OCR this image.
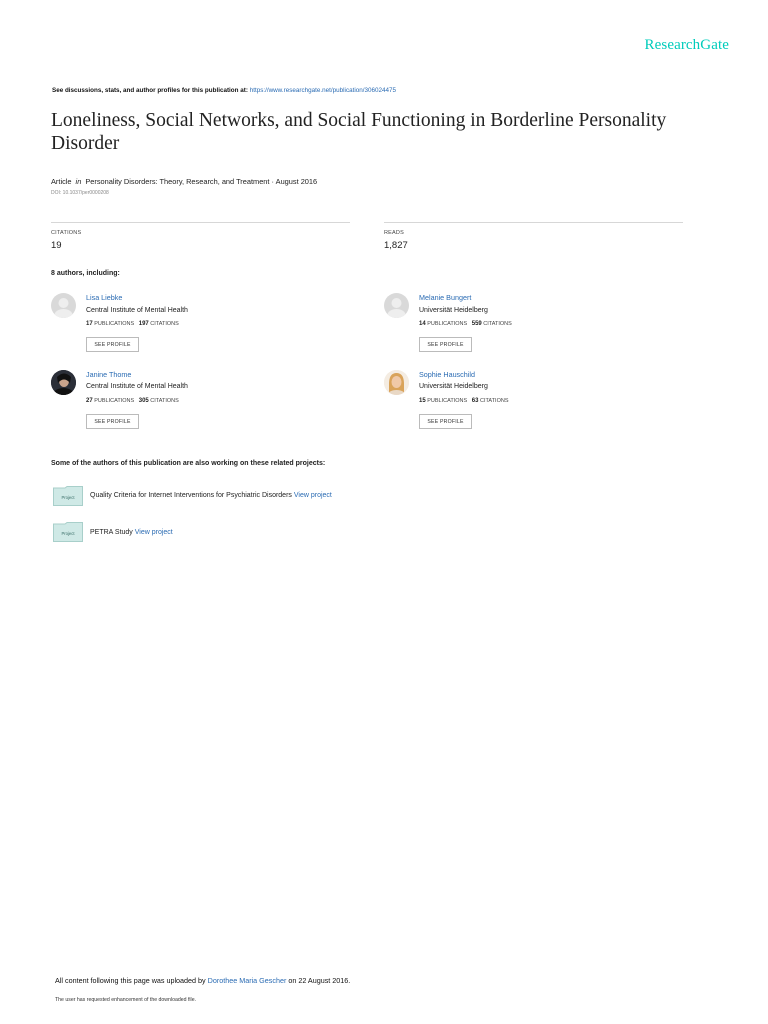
ResearchGate
See discussions, stats, and author profiles for this publication at: https://www.researchgate.net/publication/306024475
Loneliness, Social Networks, and Social Functioning in Borderline Personality Disorder
Article in Personality Disorders: Theory, Research, and Treatment · August 2016
DOI: 10.1037/per0000208
CITATIONS
19
READS
1,827
8 authors, including:
Lisa Liebke
Central Institute of Mental Health
17 PUBLICATIONS 197 CITATIONS
SEE PROFILE
Melanie Bungert
Universität Heidelberg
14 PUBLICATIONS 559 CITATIONS
SEE PROFILE
Janine Thome
Central Institute of Mental Health
27 PUBLICATIONS 305 CITATIONS
SEE PROFILE
Sophie Hauschild
Universität Heidelberg
15 PUBLICATIONS 63 CITATIONS
SEE PROFILE
Some of the authors of this publication are also working on these related projects:
Project Quality Criteria for Internet Interventions for Psychiatric Disorders View project
Project PETRA Study View project
All content following this page was uploaded by Dorothee Maria Gescher on 22 August 2016.
The user has requested enhancement of the downloaded file.
